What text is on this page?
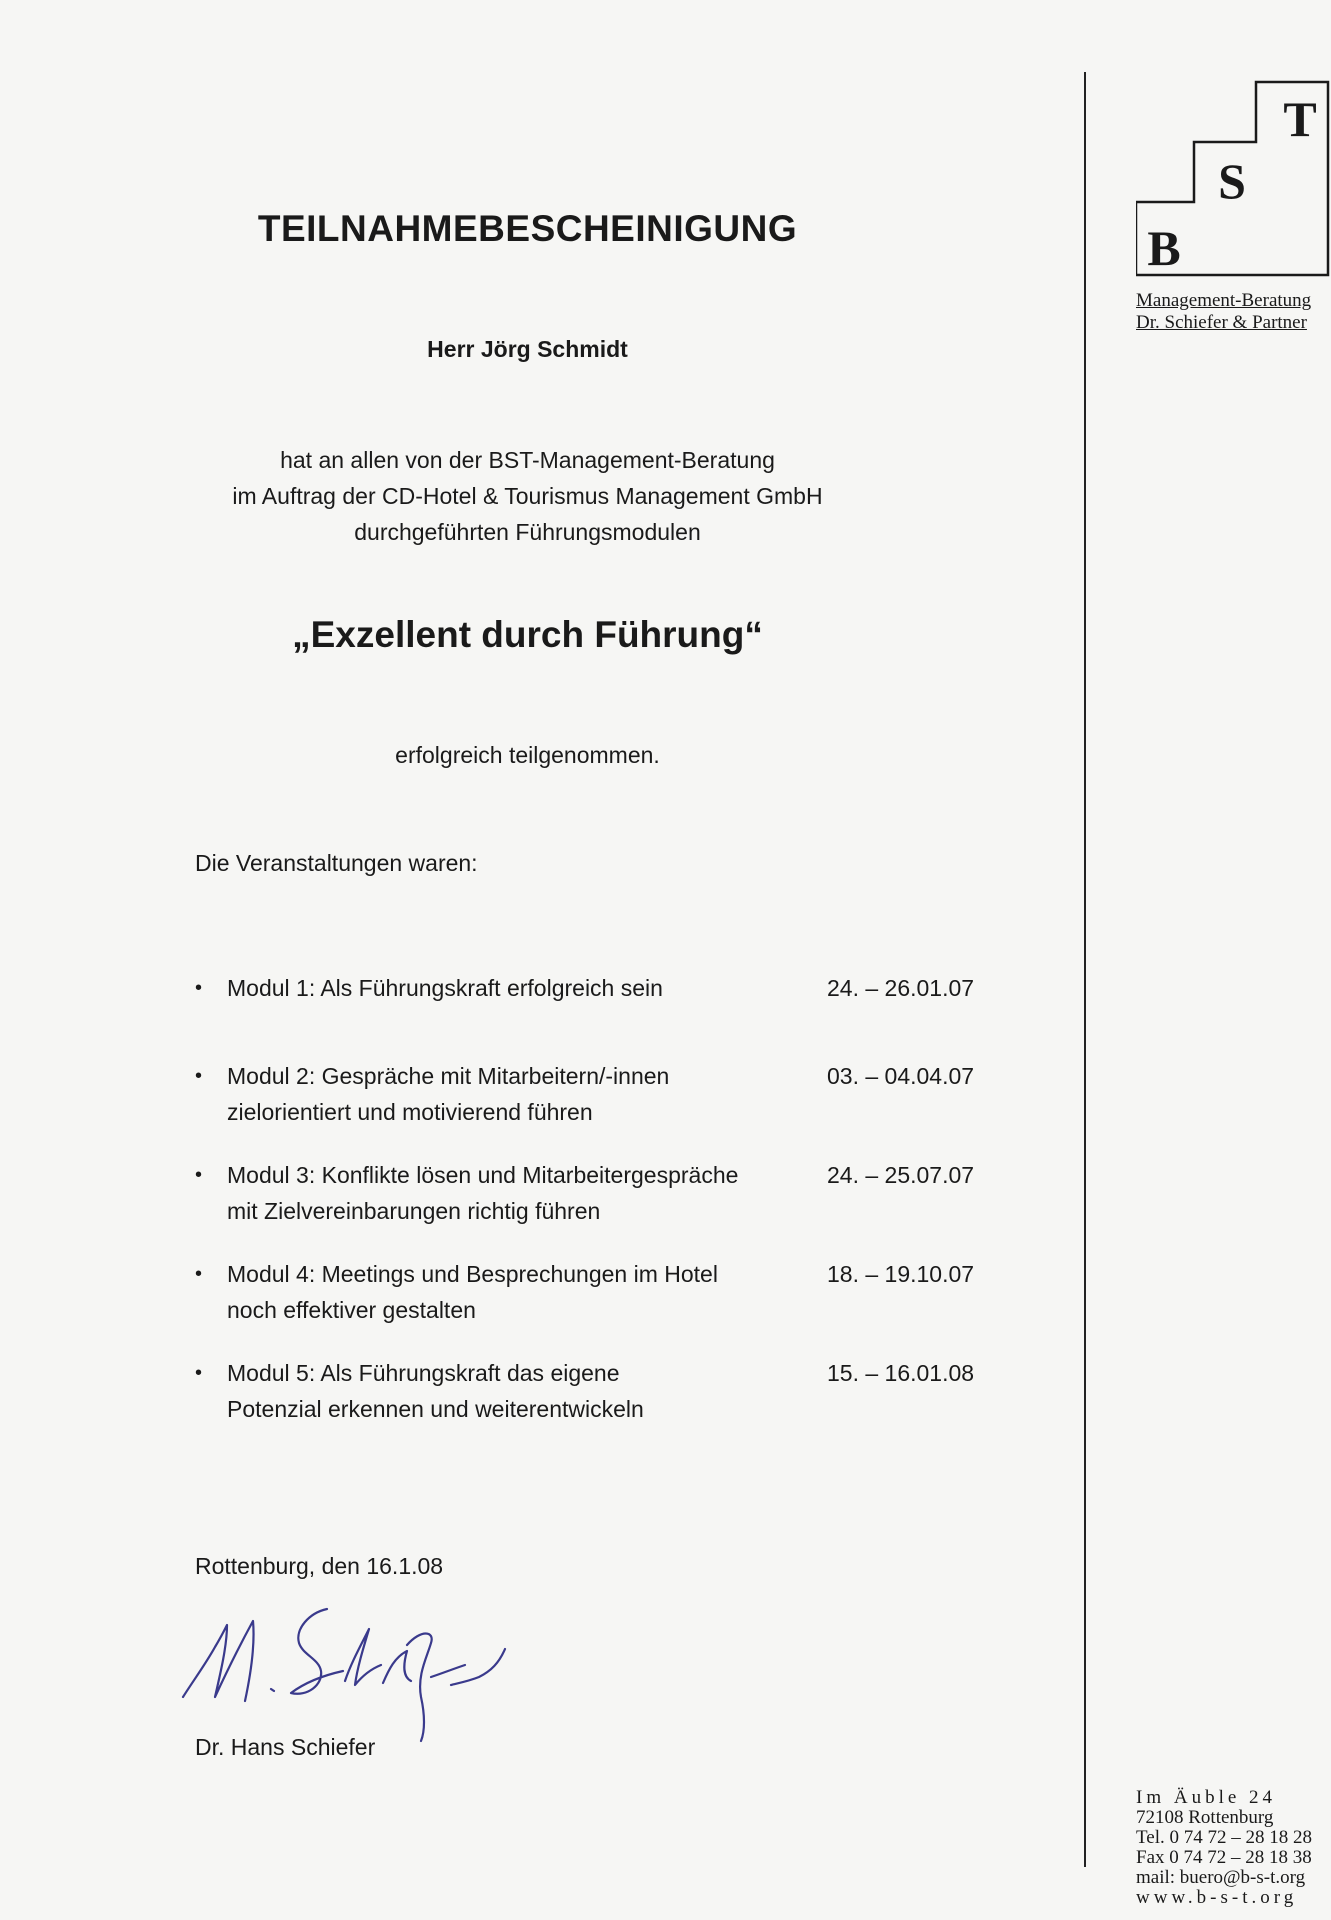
TEILNAHMEBESCHEINIGUNG
Herr Jörg Schmidt
hat an allen von der BST-Management-Beratung
im Auftrag der CD-Hotel & Tourismus Management GmbH
durchgeführten Führungsmodulen
„Exzellent durch Führung“
erfolgreich teilgenommen.
Die Veranstaltungen waren:
• Modul 1: Als Führungskraft erfolgreich sein	24. – 26.01.07
• Modul 2: Gespräche mit Mitarbeitern/-innen
zielorientiert und motivierend führen
03. – 04.04.07
• Modul 3: Konflikte lösen und Mitarbeitergespräche
mit Zielvereinbarungen richtig führen
24. – 25.07.07
• Modul 4: Meetings und Besprechungen im Hotel
noch effektiver gestalten
18. – 19.10.07
• Modul 5: Als Führungskraft das eigene
Potenzial erkennen und weiterentwickeln
15. – 16.01.08
Rottenburg, den 16.1.08
Dr. Hans Schiefer
B
S
T
Management-Beratung
Dr. Schiefer & Partner
Im Äuble 24
72108 Rottenburg
Tel. 0 74 72 – 28 18 28
Fax 0 74 72 – 28 18 38
mail: buero@b-s-t.org
www.b-s-t.org
